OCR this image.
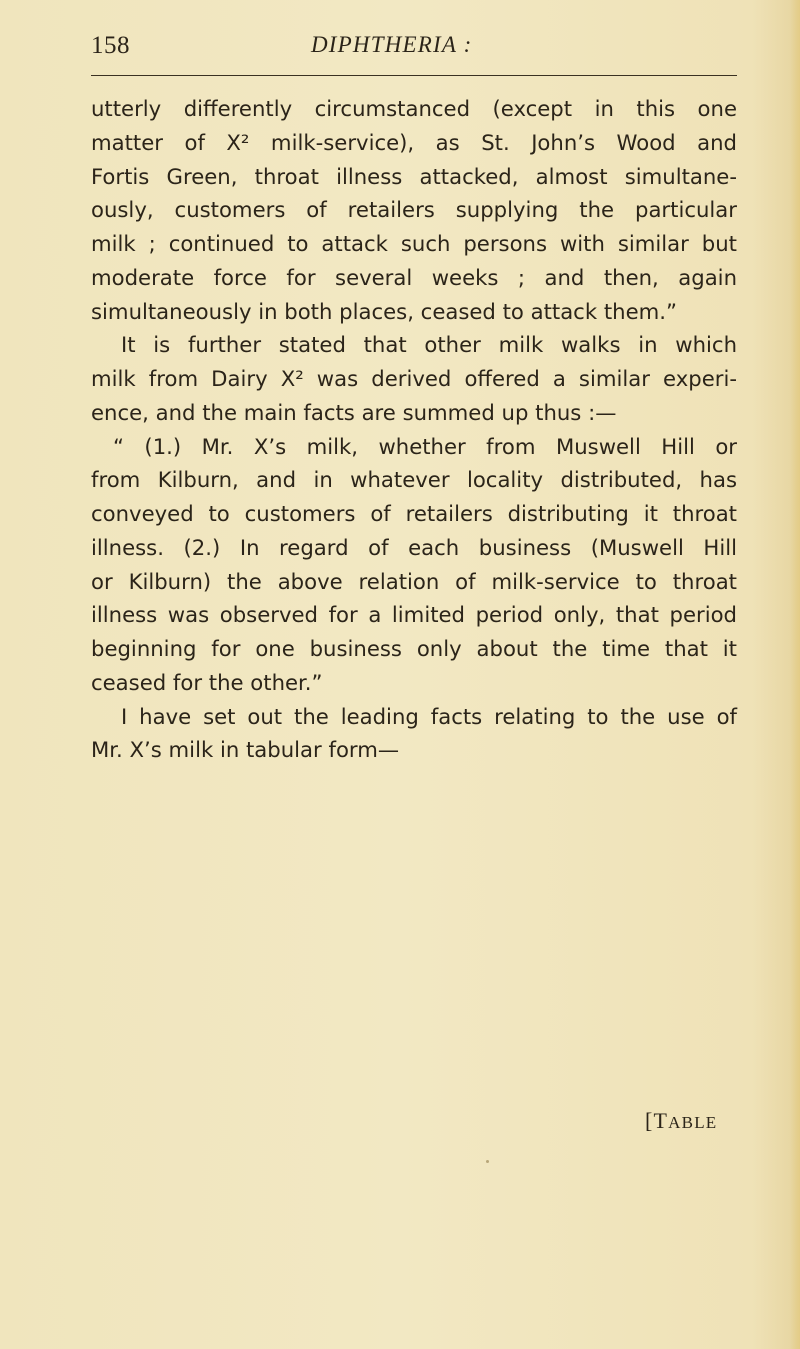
158	DIPHTHERIA :
utterly differently circumstanced (except in this one
matter of X² milk-service), as St. John’s Wood and
Fortis Green, throat illness attacked, almost simultane-
ously, customers of retailers supplying the particular
milk ; continued to attack such persons with similar but
moderate force for several weeks ; and then, again
simultaneously in both places, ceased to attack them.”
It is further stated that other milk walks in which
milk from Dairy X² was derived offered a similar experi-
ence, and the main facts are summed up thus :—
“ (1.) Mr. X’s milk, whether from Muswell Hill or
from Kilburn, and in whatever locality distributed, has
conveyed to customers of retailers distributing it throat
illness. (2.) In regard of each business (Muswell Hill
or Kilburn) the above relation of milk-service to throat
illness was observed for a limited period only, that period
beginning for one business only about the time that it
ceased for the other.”
I have set out the leading facts relating to the use of
Mr. X’s milk in tabular form—
[TABLE
